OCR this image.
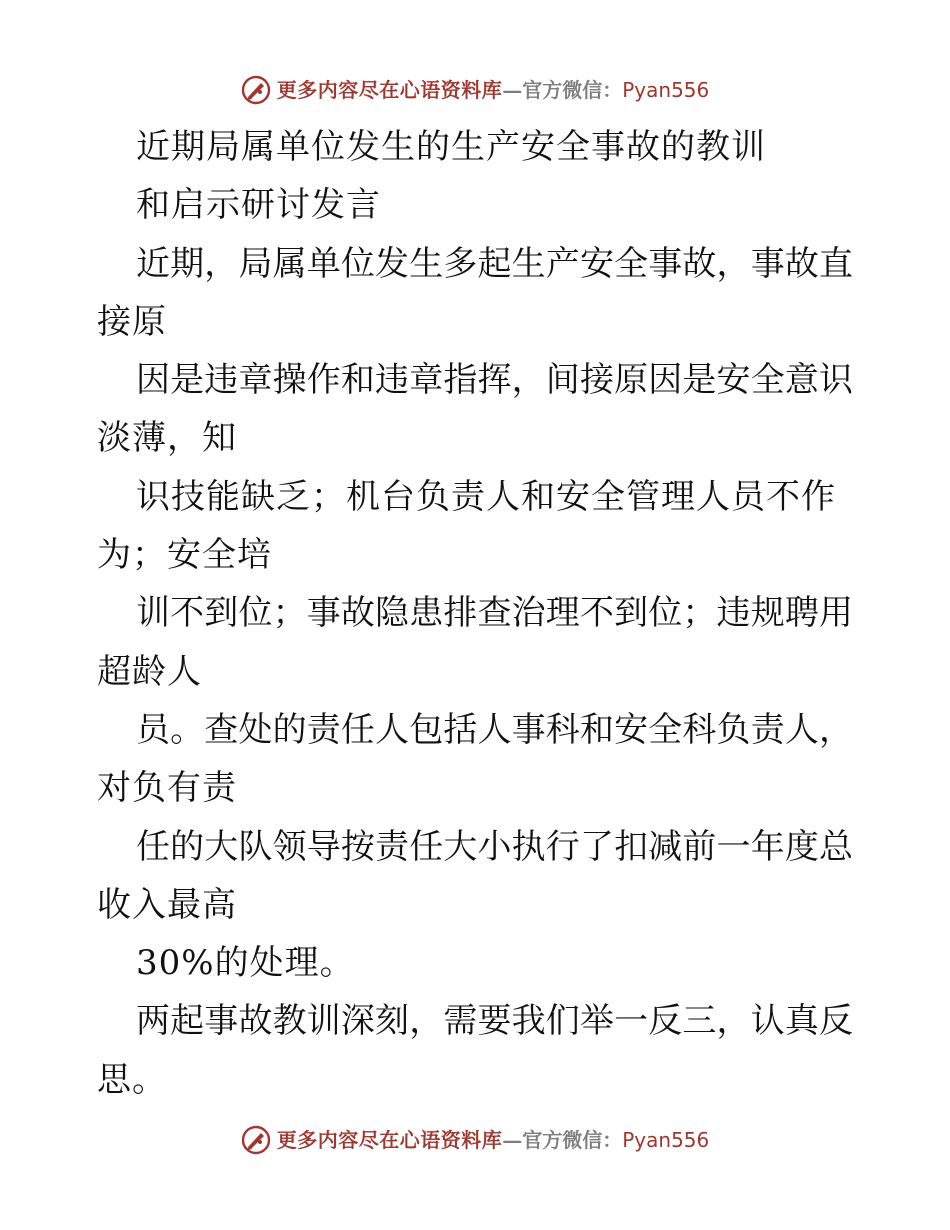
更多内容尽在心语资料库 — 官方微信： Pyan556
近期局属单位发生的生产安全事故的教训
和启示研讨发言
近期，局属单位发生多起生产安全事故，事故直
接原
因是违章操作和违章指挥，间接原因是安全意识
淡薄，知
识技能缺乏；机台负责人和安全管理人员不作
为；安全培
训不到位；事故隐患排查治理不到位；违规聘用
超龄人
员。查处的责任人包括人事科和安全科负责人，
对负有责
任的大队领导按责任大小执行了扣减前一年度总
收入最高
30%的处理。
两起事故教训深刻，需要我们举一反三，认真反
思。
更多内容尽在心语资料库 — 官方微信： Pyan556
